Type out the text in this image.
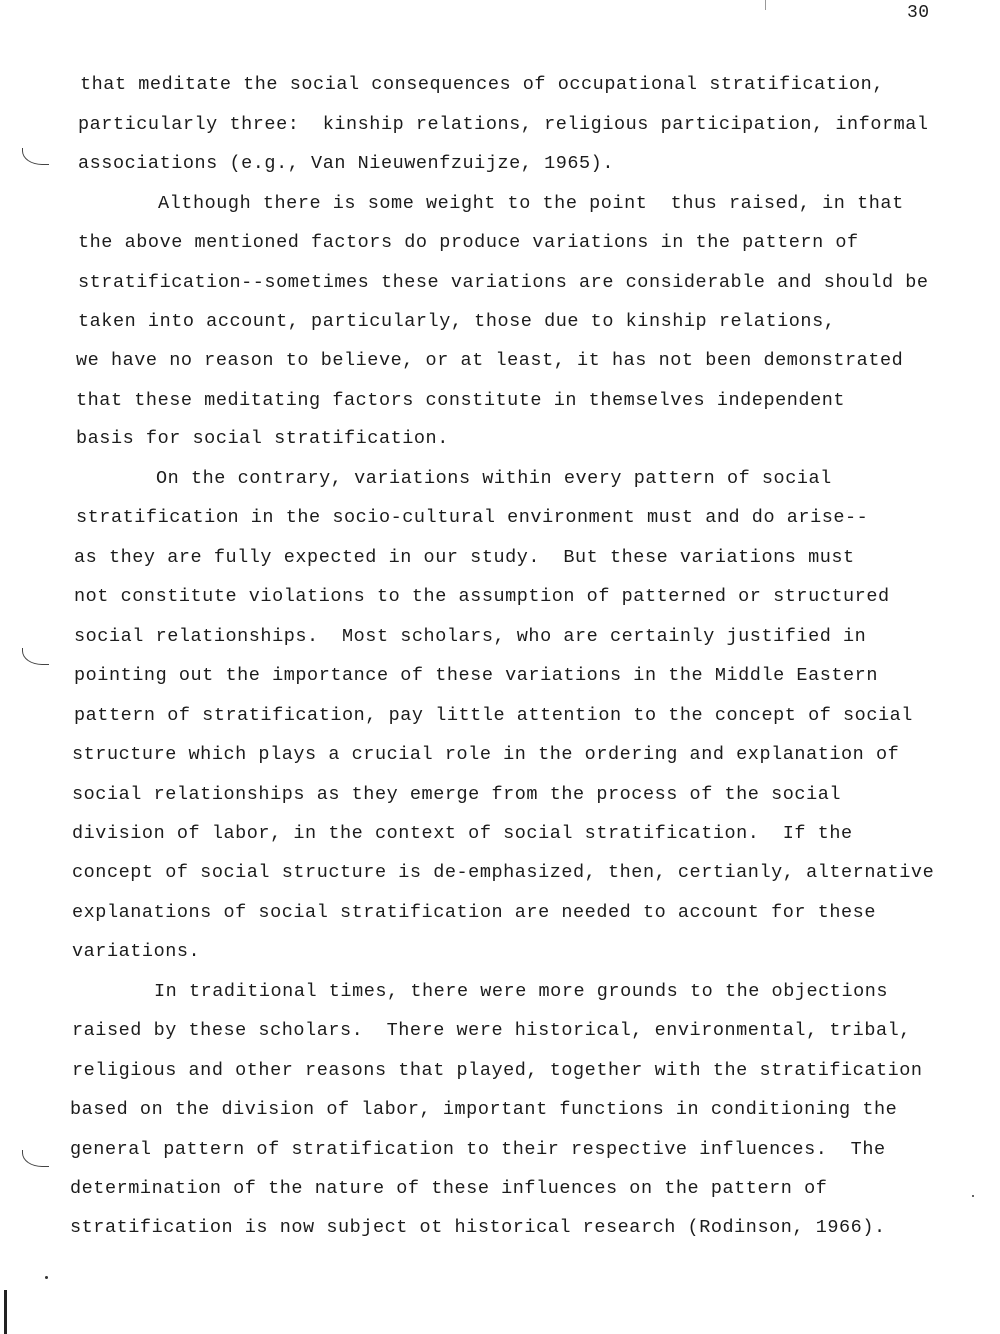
30
that meditate the social consequences of occupational stratification,
particularly three:  kinship relations, religious participation, informal
associations (e.g., Van Nieuwenfzuijze, 1965).
Although there is some weight to the point  thus raised, in that
the above mentioned factors do produce variations in the pattern of
stratification--sometimes these variations are considerable and should be
taken into account, particularly, those due to kinship relations,
we have no reason to believe, or at least, it has not been demonstrated
that these meditating factors constitute in themselves independent
basis for social stratification.
On the contrary, variations within every pattern of social
stratification in the socio-cultural environment must and do arise--
as they are fully expected in our study.  But these variations must
not constitute violations to the assumption of patterned or structured
social relationships.  Most scholars, who are certainly justified in
pointing out the importance of these variations in the Middle Eastern
pattern of stratification, pay little attention to the concept of social
structure which plays a crucial role in the ordering and explanation of
social relationships as they emerge from the process of the social
division of labor, in the context of social stratification.  If the
concept of social structure is de-emphasized, then, certianly, alternative
explanations of social stratification are needed to account for these
variations.
In traditional times, there were more grounds to the objections
raised by these scholars.  There were historical, environmental, tribal,
religious and other reasons that played, together with the stratification
based on the division of labor, important functions in conditioning the
general pattern of stratification to their respective influences.  The
determination of the nature of these influences on the pattern of
stratification is now subject ot historical research (Rodinson, 1966).
